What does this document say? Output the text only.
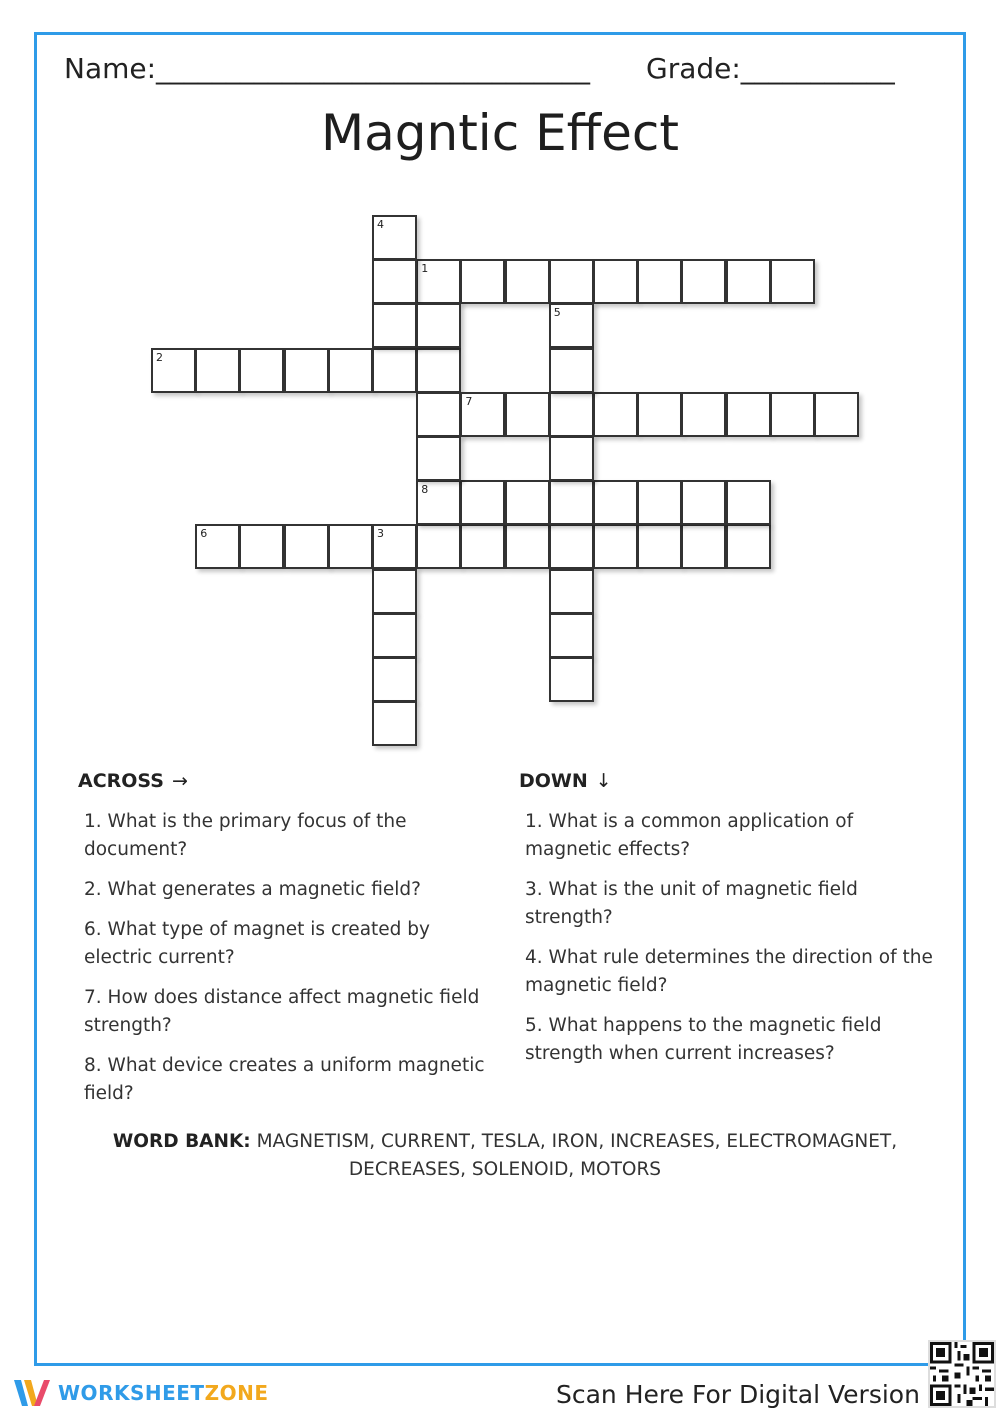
Name:_______________________________ Grade:___________
Magntic Effect
1
2
6	3
7
8
4
5
ACROSS →	DOWN ↓
1. What is the primary focus of the document?
2. What generates a magnetic field?
6. What type of magnet is created by electric current?
7. How does distance affect magnetic field strength?
8. What device creates a uniform magnetic field?
1. What is a common application of magnetic effects?
3. What is the unit of magnetic field strength?
4. What rule determines the direction of the magnetic field?
5. What happens to the magnetic field strength when current increases?
WORD BANK: MAGNETISM, CURRENT, TESLA, IRON, INCREASES, ELECTROMAGNET, DECREASES, SOLENOID, MOTORS
WORKSHEETZONE	Scan Here For Digital Version
